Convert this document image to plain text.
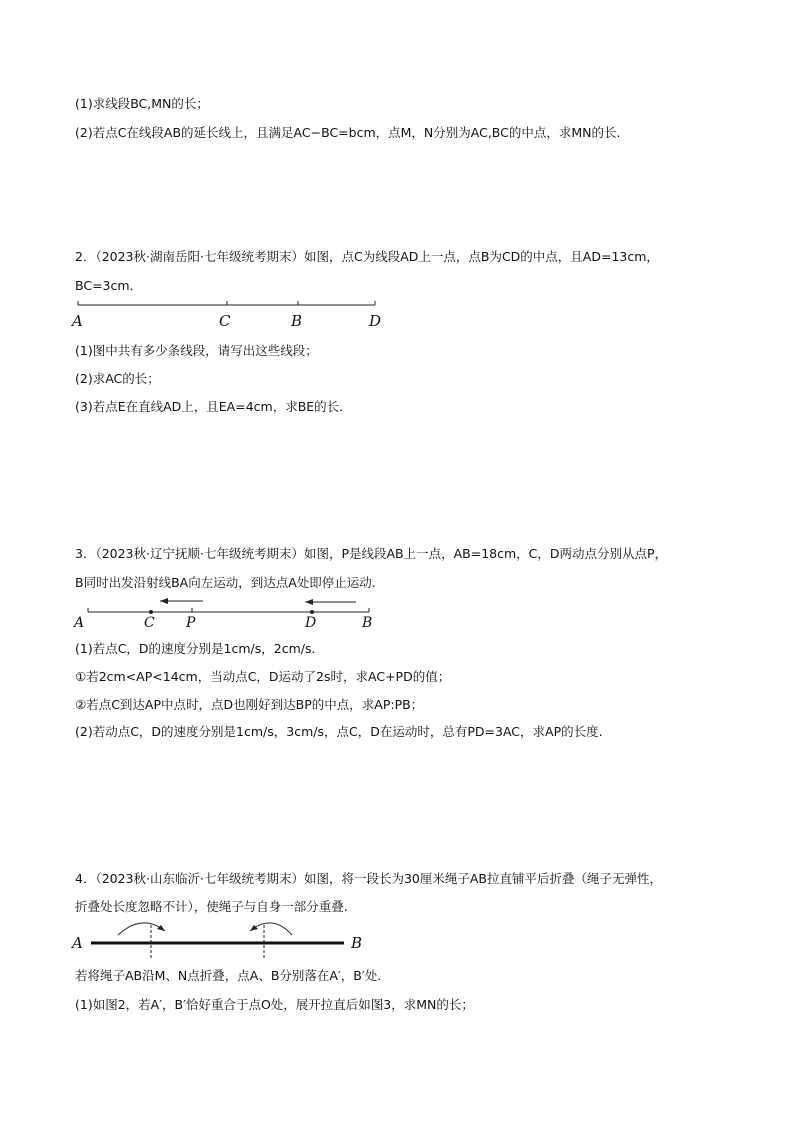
(1)求线段BC,MN的长；
(2)若点C在线段AB的延长线上，且满足AC−BC=bcm，点M，N分别为AC,BC的中点，求MN的长.
2．（2023秋·湖南岳阳·七年级统考期末）如图，点C为线段AD上一点，点B为CD的中点，且AD=13cm，
BC=3cm．
A	C	B	D
(1)图中共有多少条线段，请写出这些线段；
(2)求AC的长；
(3)若点E在直线AD上，且EA=4cm，求BE的长.
3．（2023秋·辽宁抚顺·七年级统考期末）如图，P是线段AB上一点，AB=18cm，C，D两动点分别从点P，
B同时出发沿射线BA向左运动，到达点A处即停止运动.
A	C P	D	B
(1)若点C，D的速度分别是1cm/s，2cm/s．
①若2cm<AP<14cm，当动点C，D运动了2s时，求AC+PD的值；
②若点C到达AP中点时，点D也刚好到达BP的中点，求AP:PB；
(2)若动点C，D的速度分别是1cm/s，3cm/s，点C，D在运动时，总有PD=3AC，求AP的长度.
4．（2023秋·山东临沂·七年级统考期末）如图，将一段长为30厘米绳子AB拉直铺平后折叠（绳子无弹性，
折叠处长度忽略不计），使绳子与自身一部分重叠.
A	B
若将绳子AB沿M、N点折叠，点A、B分别落在A′，B′处.
(1)如图2，若A′，B′恰好重合于点O处，展开拉直后如图3，求MN的长；
